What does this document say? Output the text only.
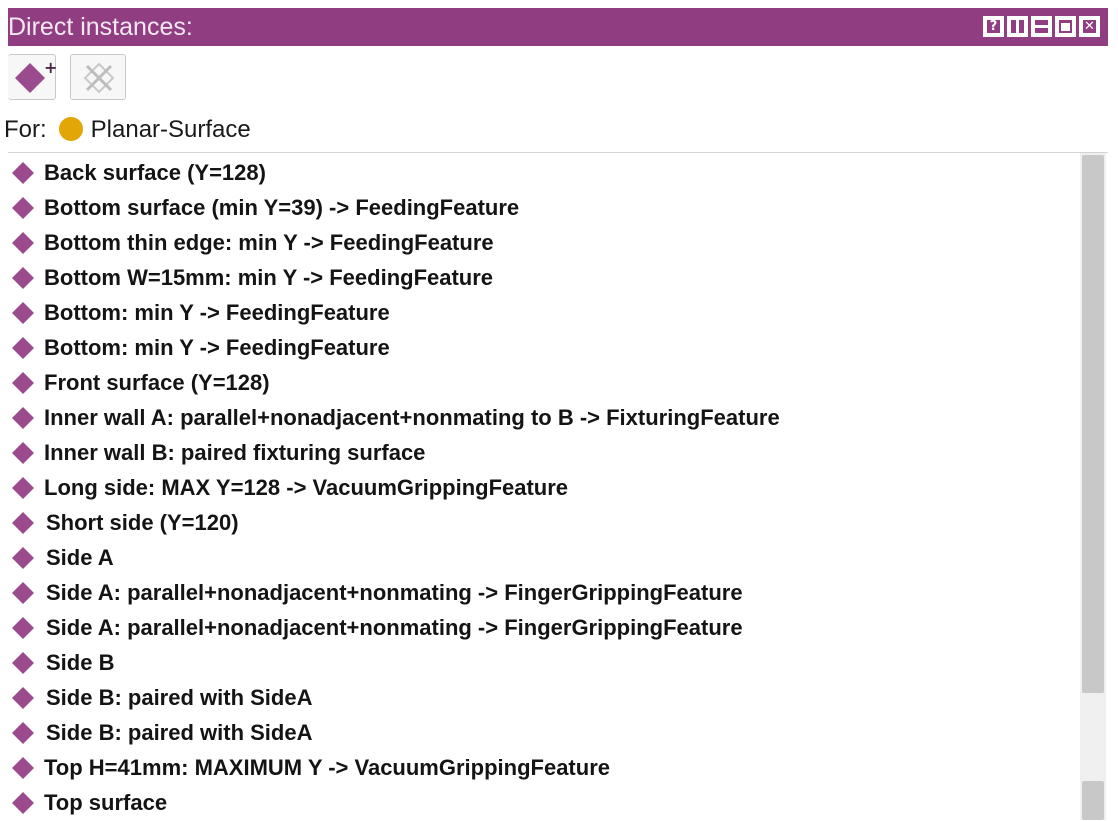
Direct instances:	?	✕
+
For: Planar-Surface
Back surface (Y=128)
Bottom surface (min Y=39) -> FeedingFeature
Bottom thin edge: min Y -> FeedingFeature
Bottom W=15mm: min Y -> FeedingFeature
Bottom: min Y -> FeedingFeature
Bottom: min Y -> FeedingFeature
Front surface (Y=128)
Inner wall A: parallel+nonadjacent+nonmating to B -> FixturingFeature
Inner wall B: paired fixturing surface
Long side: MAX Y=128 -> VacuumGrippingFeature
Short side (Y=120)
Side A
Side A: parallel+nonadjacent+nonmating -> FingerGrippingFeature
Side A: parallel+nonadjacent+nonmating -> FingerGrippingFeature
Side B
Side B: paired with SideA
Side B: paired with SideA
Top H=41mm: MAXIMUM Y -> VacuumGrippingFeature
Top surface
